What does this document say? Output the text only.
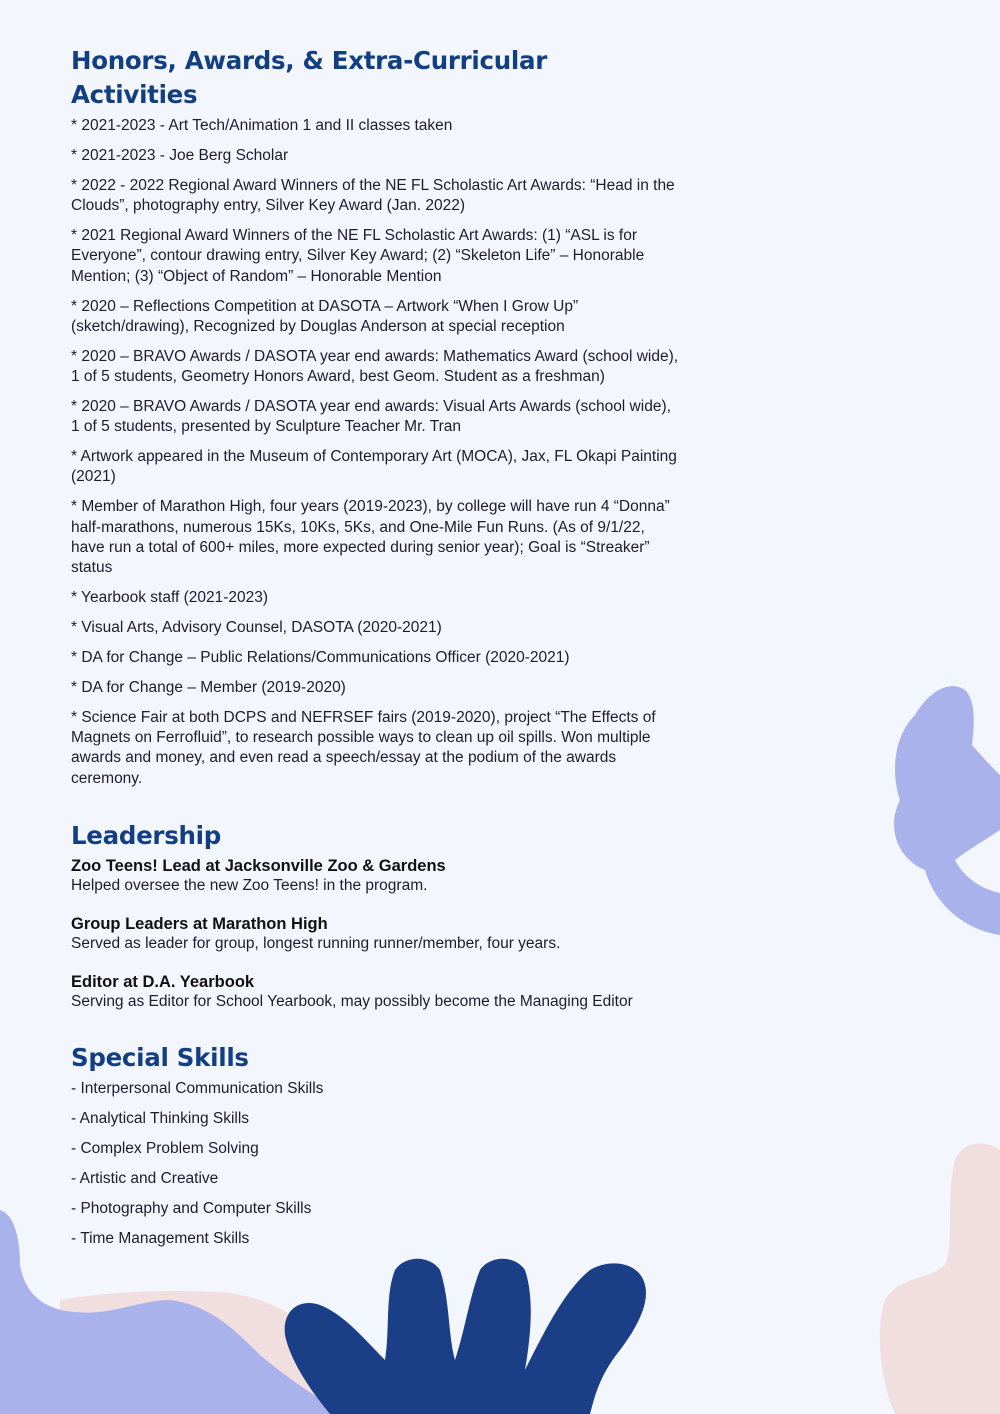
Honors, Awards, & Extra-Curricular Activities

* 2021-2023 - Art Tech/Animation 1 and II classes taken

* 2021-2023 - Joe Berg Scholar

* 2022 - 2022 Regional Award Winners of the NE FL Scholastic Art Awards: “Head in the Clouds”, photography entry, Silver Key Award (Jan. 2022)

* 2021 Regional Award Winners of the NE FL Scholastic Art Awards: (1) “ASL is for Everyone”, contour drawing entry, Silver Key Award; (2) “Skeleton Life” – Honorable Mention; (3) “Object of Random” – Honorable Mention

* 2020 – Reflections Competition at DASOTA – Artwork “When I Grow Up” (sketch/drawing), Recognized by Douglas Anderson at special reception

* 2020 – BRAVO Awards / DASOTA year end awards: Mathematics Award (school wide), 1 of 5 students, Geometry Honors Award, best Geom. Student as a freshman)

* 2020 – BRAVO Awards / DASOTA year end awards: Visual Arts Awards (school wide), 1 of 5 students, presented by Sculpture Teacher Mr. Tran

* Artwork appeared in the Museum of Contemporary Art (MOCA), Jax, FL Okapi Painting (2021)

* Member of Marathon High, four years (2019-2023), by college will have run 4 “Donna” half-marathons, numerous 15Ks, 10Ks, 5Ks, and One-Mile Fun Runs. (As of 9/1/22, have run a total of 600+ miles, more expected during senior year); Goal is “Streaker” status

* Yearbook staff (2021-2023)

* Visual Arts, Advisory Counsel, DASOTA (2020-2021)

* DA for Change – Public Relations/Communications Officer (2020-2021)

* DA for Change – Member (2019-2020)

* Science Fair at both DCPS and NEFRSEF fairs (2019-2020), project “The Effects of Magnets on Ferrofluid”, to research possible ways to clean up oil spills. Won multiple awards and money, and even read a speech/essay at the podium of the awards ceremony.

Leadership
Zoo Teens! Lead at Jacksonville Zoo & Gardens
Helped oversee the new Zoo Teens! in the program.
Group Leaders at Marathon High
Served as leader for group, longest running runner/member, four years.
Editor at D.A. Yearbook
Serving as Editor for School Yearbook, may possibly become the Managing Editor
Special Skills

- Interpersonal Communication Skills

- Analytical Thinking Skills

- Complex Problem Solving

- Artistic and Creative

- Photography and Computer Skills

- Time Management Skills
